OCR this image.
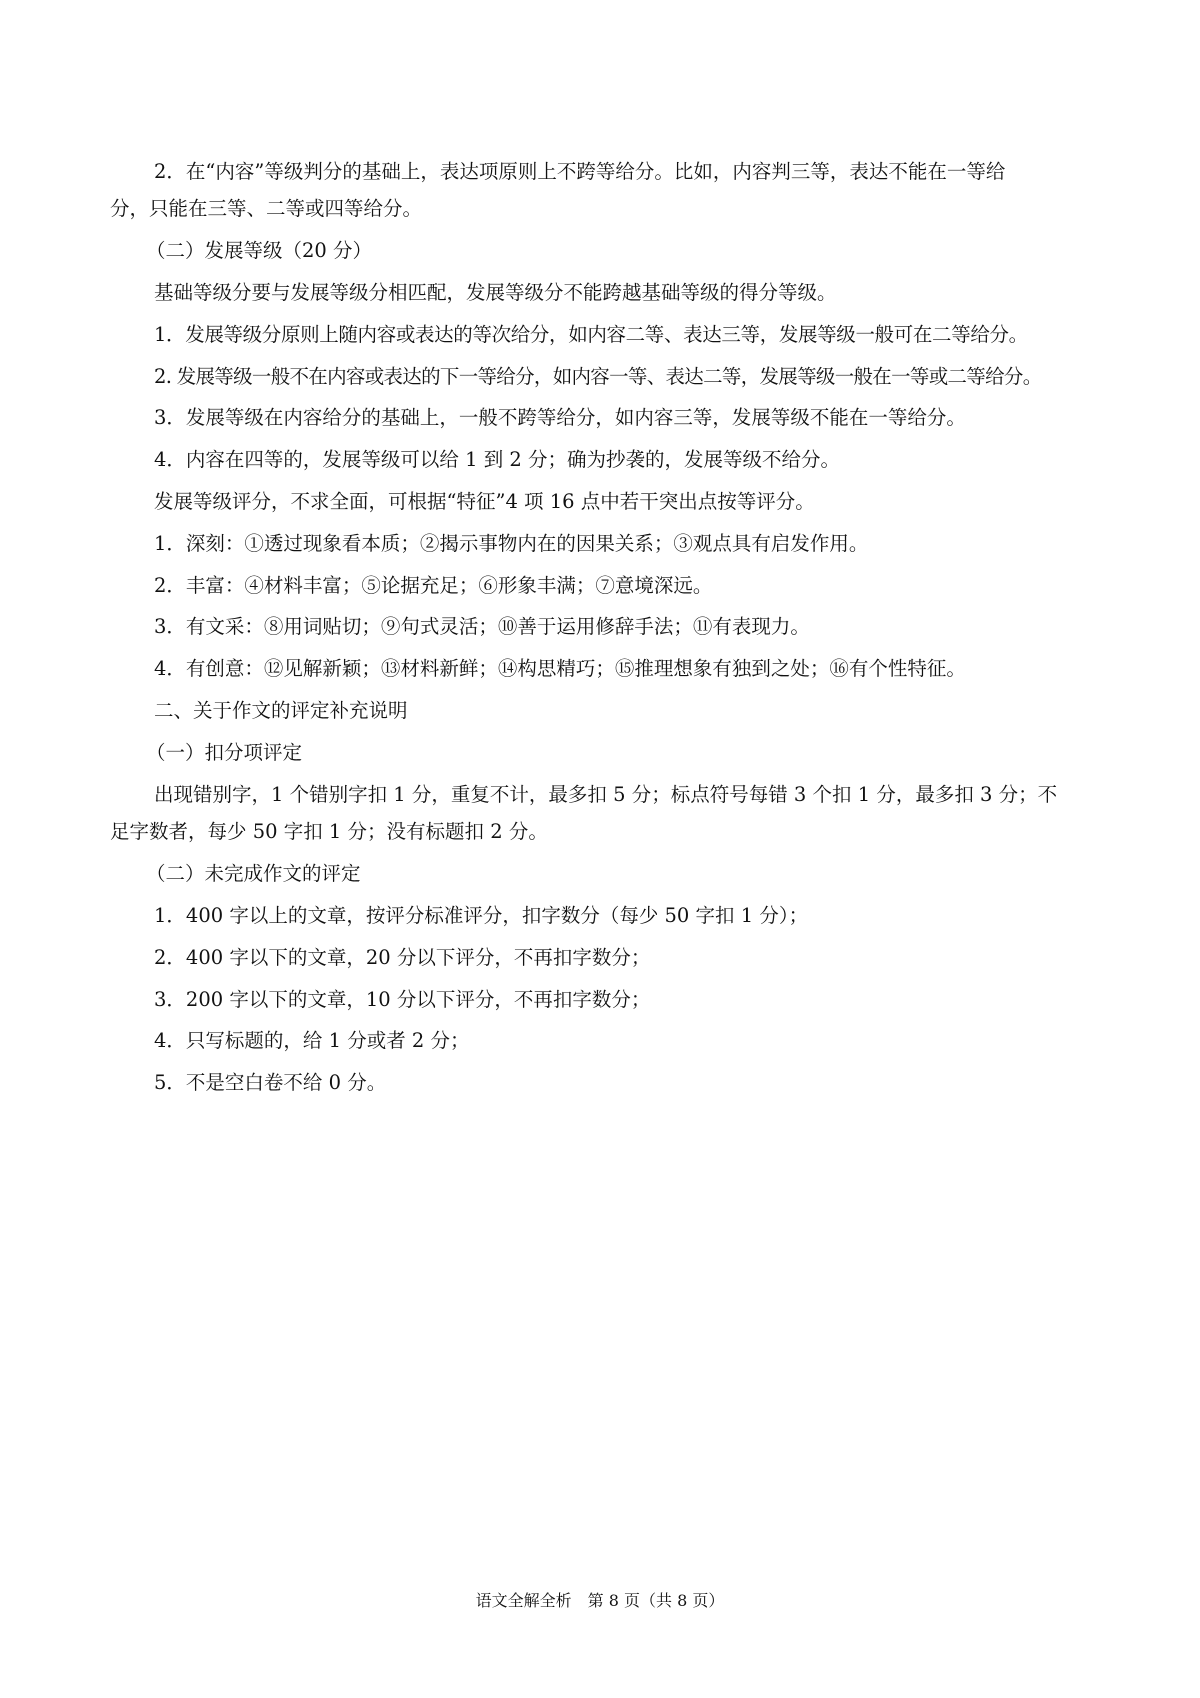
2．在“内容”等级判分的基础上，表达项原则上不跨等给分。比如，内容判三等，表达不能在一等给
分，只能在三等、二等或四等给分。
（二）发展等级（20 分）
基础等级分要与发展等级分相匹配，发展等级分不能跨越基础等级的得分等级。
1．发展等级分原则上随内容或表达的等次给分，如内容二等、表达三等，发展等级一般可在二等给分。
2. 发展等级一般不在内容或表达的下一等给分，如内容一等、表达二等，发展等级一般在一等或二等给分。
3．发展等级在内容给分的基础上，一般不跨等给分，如内容三等，发展等级不能在一等给分。
4．内容在四等的，发展等级可以给 1 到 2 分；确为抄袭的，发展等级不给分。
发展等级评分，不求全面，可根据“特征”4 项 16 点中若干突出点按等评分。
1．深刻：①透过现象看本质；②揭示事物内在的因果关系；③观点具有启发作用。
2．丰富：④材料丰富；⑤论据充足；⑥形象丰满；⑦意境深远。
3．有文采：⑧用词贴切；⑨句式灵活；⑩善于运用修辞手法；⑪有表现力。
4．有创意：⑫见解新颖；⑬材料新鲜；⑭构思精巧；⑮推理想象有独到之处；⑯有个性特征。
二、关于作文的评定补充说明
（一）扣分项评定
出现错别字，1 个错别字扣 1 分，重复不计，最多扣 5 分；标点符号每错 3 个扣 1 分，最多扣 3 分；不
足字数者，每少 50 字扣 1 分；没有标题扣 2 分。
（二）未完成作文的评定
1．400 字以上的文章，按评分标准评分，扣字数分（每少 50 字扣 1 分）；
2．400 字以下的文章，20 分以下评分，不再扣字数分；
3．200 字以下的文章，10 分以下评分，不再扣字数分；
4．只写标题的，给 1 分或者 2 分；
5．不是空白卷不给 0 分。
语文全解全析　第 8 页（共 8 页）
